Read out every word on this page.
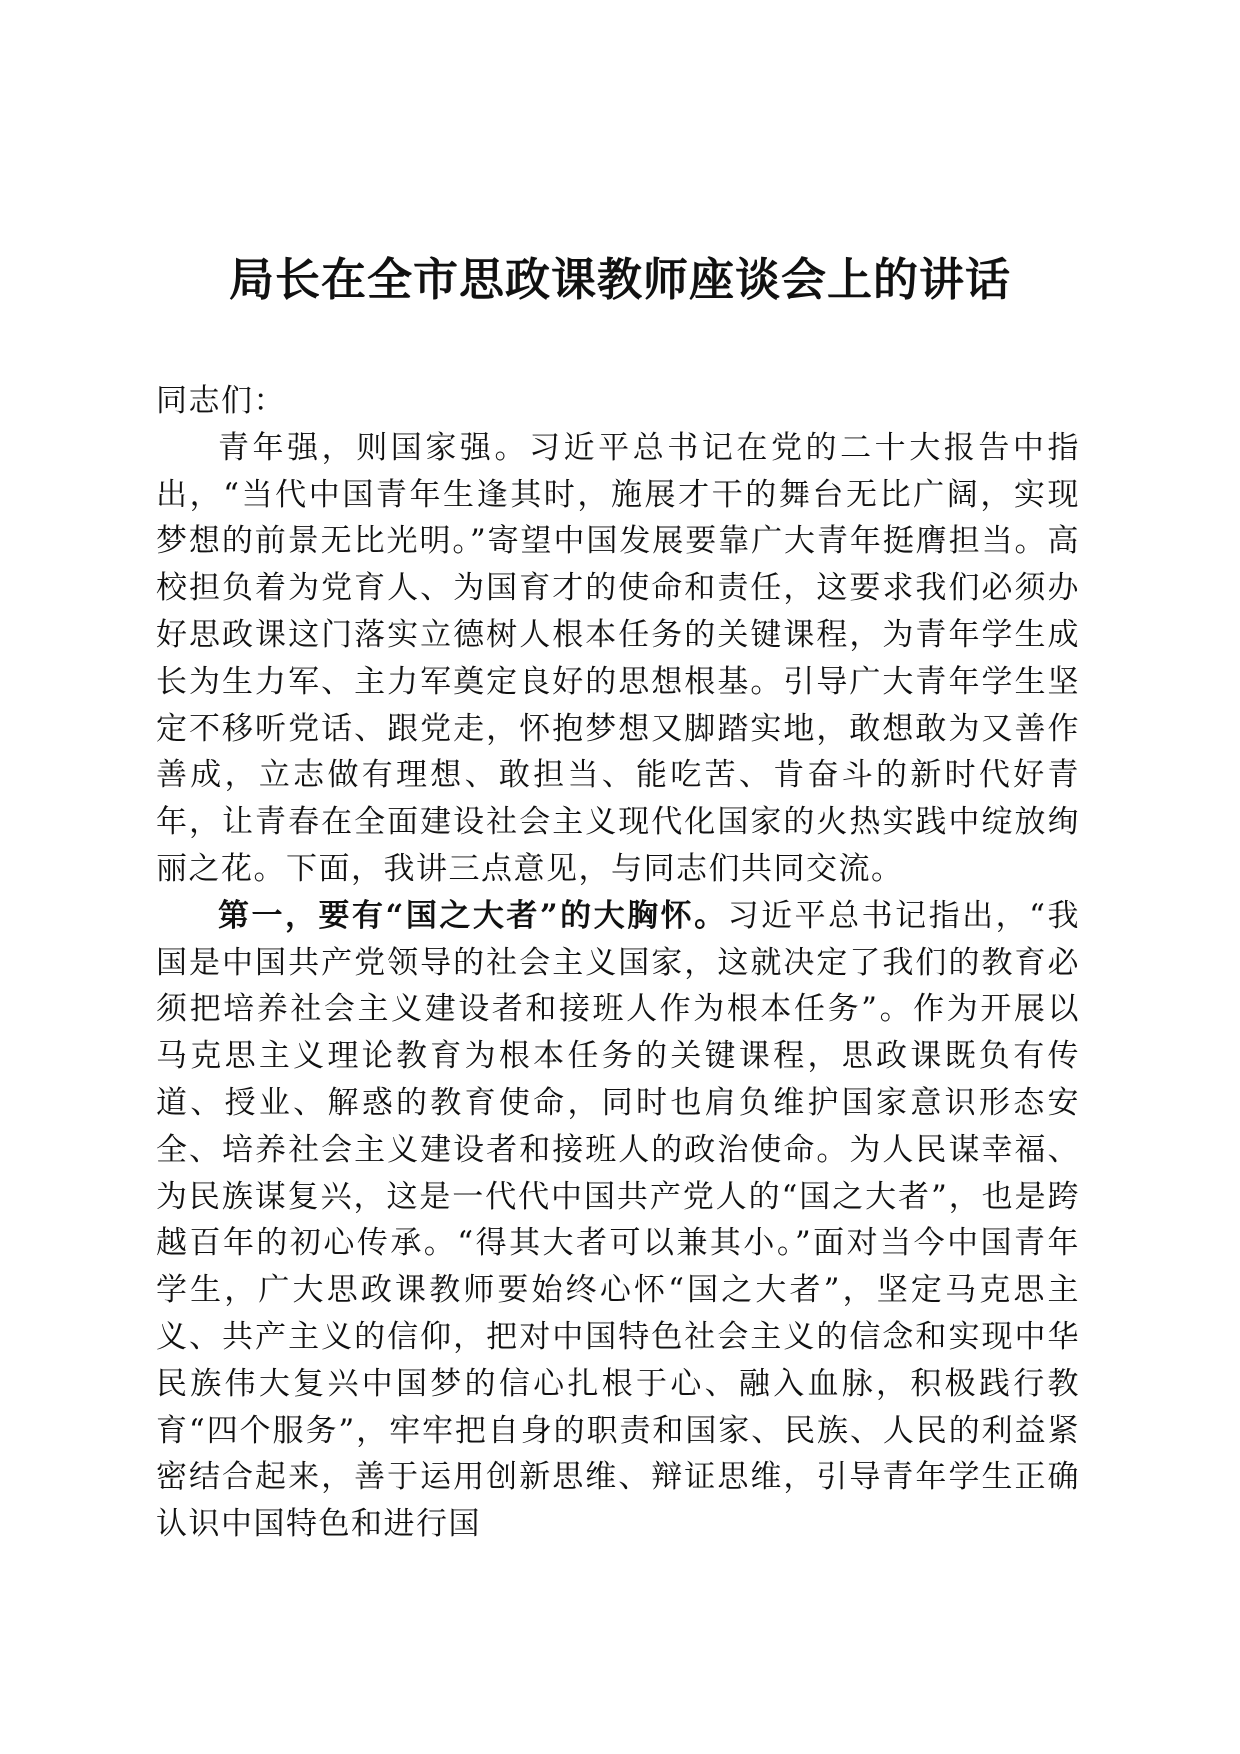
局长在全市思政课教师座谈会上的讲话

同志们：

青年强，则国家强。习近平总书记在党的二十大报告中指出，“当代中国青年生逢其时，施展才干的舞台无比广阔，实现梦想的前景无比光明。”寄望中国发展要靠广大青年挺膺担当。高校担负着为党育人、为国育才的使命和责任，这要求我们必须办好思政课这门落实立德树人根本任务的关键课程，为青年学生成长为生力军、主力军奠定良好的思想根基。引导广大青年学生坚定不移听党话、跟党走，怀抱梦想又脚踏实地，敢想敢为又善作善成，立志做有理想、敢担当、能吃苦、肯奋斗的新时代好青年，让青春在全面建设社会主义现代化国家的火热实践中绽放绚丽之花。下面，我讲三点意见，与同志们共同交流。

第一，要有“国之大者”的大胸怀。习近平总书记指出，“我国是中国共产党领导的社会主义国家，这就决定了我们的教育必须把培养社会主义建设者和接班人作为根本任务”。作为开展以马克思主义理论教育为根本任务的关键课程，思政课既负有传道、授业、解惑的教育使命，同时也肩负维护国家意识形态安全、培养社会主义建设者和接班人的政治使命。为人民谋幸福、为民族谋复兴，这是一代代中国共产党人的“国之大者”，也是跨越百年的初心传承。“得其大者可以兼其小。”面对当今中国青年学生，广大思政课教师要始终心怀“国之大者”，坚定马克思主义、共产主义的信仰，把对中国特色社会主义的信念和实现中华民族伟大复兴中国梦的信心扎根于心、融入血脉，积极践行教育“四个服务”，牢牢把自身的职责和国家、民族、人民的利益紧密结合起来，善于运用创新思维、辩证思维，引导青年学生正确认识中国特色和进行国
